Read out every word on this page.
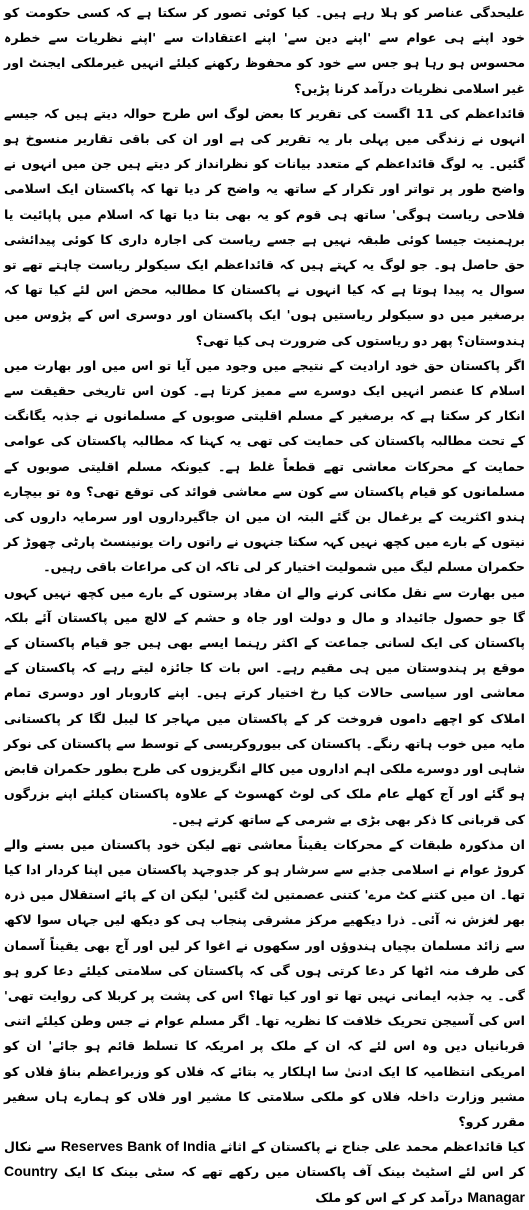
علیحدگی عناصر کو ہلا رہے ہیں۔ کیا کوئی تصور کر سکتا ہے کہ کسی حکومت کو خود اپنے ہی عوام سے 'اپنے دین سے' اپنے اعتقادات سے 'اپنے نظریات سے خطرہ محسوس ہو رہا ہو جس سے خود کو محفوظ رکھنے کیلئے انہیں غیرملکی ایجنٹ اور غیر اسلامی نظریات درآمد کرنا پڑیں؟

قائداعظم کی 11 اگست کی تقریر کا بعض لوگ اس طرح حوالہ دیتے ہیں کہ جیسے انہوں نے زندگی میں پہلی بار یہ تقریر کی ہے اور ان کی باقی تقاریر منسوخ ہو گئیں۔ یہ لوگ قائداعظم کے متعدد بیانات کو نظرانداز کر دیتے ہیں جن میں انہوں نے واضح طور پر تواتر اور تکرار کے ساتھ یہ واضح کر دیا تھا کہ پاکستان ایک اسلامی فلاحی ریاست ہوگی' ساتھ ہی قوم کو یہ بھی بتا دیا تھا کہ اسلام میں پاپائیت یا برہمنیت جیسا کوئی طبقہ نہیں ہے جسے ریاست کی اجارہ داری کا کوئی پیدائشی حق حاصل ہو۔ جو لوگ یہ کہتے ہیں کہ قائداعظم ایک سیکولر ریاست چاہتے تھے تو سوال یہ پیدا ہوتا ہے کہ کیا انہوں نے پاکستان کا مطالبہ محض اس لئے کیا تھا کہ برصغیر میں دو سیکولر ریاستیں ہوں' ایک پاکستان اور دوسری اس کے پڑوس میں ہندوستان؟ پھر دو ریاستوں کی ضرورت ہی کیا تھی؟

اگر پاکستان حق خود ارادیت کے نتیجے میں وجود میں آیا تو اس میں اور بھارت میں اسلام کا عنصر انہیں ایک دوسرے سے ممیز کرتا ہے۔ کون اس تاریخی حقیقت سے انکار کر سکتا ہے کہ برصغیر کے مسلم اقلیتی صوبوں کے مسلمانوں نے جذبہ یگانگت کے تحت مطالبہ پاکستان کی حمایت کی تھی یہ کہنا کہ مطالبہ پاکستان کی عوامی حمایت کے محرکات معاشی تھے قطعاً غلط ہے۔ کیونکہ مسلم اقلیتی صوبوں کے مسلمانوں کو قیام پاکستان سے کون سے معاشی فوائد کی توقع تھی؟ وہ تو بیچارے ہندو اکثریت کے یرغمال بن گئے البتہ ان میں ان جاگیرداروں اور سرمایہ داروں کی نیتوں کے بارے میں کچھ نہیں کہہ سکتا جنہوں نے راتوں رات یونینسٹ پارٹی چھوڑ کر حکمران مسلم لیگ میں شمولیت اختیار کر لی تاکہ ان کی مراعات باقی رہیں۔

میں بھارت سے نقل مکانی کرنے والے ان مفاد پرستوں کے بارے میں کچھ نہیں کہوں گا جو حصول جائیداد و مال و دولت اور جاہ و حشم کے لالچ میں پاکستان آئے بلکہ پاکستان کی ایک لسانی جماعت کے اکثر رہنما ایسے بھی ہیں جو قیام پاکستان کے موقع پر ہندوستان میں ہی مقیم رہے۔ اس بات کا جائزہ لیتے رہے کہ پاکستان کے معاشی اور سیاسی حالات کیا رخ اختیار کرتے ہیں۔ اپنے کاروبار اور دوسری تمام املاک کو اچھے داموں فروخت کر کے پاکستان میں مہاجر کا لیبل لگا کر پاکستانی مایہ میں خوب ہاتھ رنگے۔ پاکستان کی بیوروکریسی کے توسط سے پاکستان کی نوکر شاہی اور دوسرے ملکی اہم اداروں میں کالے انگریزوں کی طرح بطور حکمران قابض ہو گئے اور آج کھلے عام ملک کی لوٹ کھسوٹ کے علاوہ پاکستان کیلئے اپنے بزرگوں کی قربانی کا ذکر بھی بڑی بے شرمی کے ساتھ کرتے ہیں۔

ان مذکورہ طبقات کے محرکات یقیناً معاشی تھے لیکن خود پاکستان میں بسنے والے کروڑ عوام نے اسلامی جذبے سے سرشار ہو کر جدوجہد پاکستان میں اپنا کردار ادا کیا تھا۔ ان میں کتنے کٹ مرے' کتنی عصمتیں لٹ گئیں' لیکن ان کے پائے استقلال میں ذرہ بھر لغزش نہ آئی۔ ذرا دیکھیے مرکز مشرقی پنجاب ہی کو دیکھ لیں جہاں سوا لاکھ سے زائد مسلمان بچیاں ہندوؤں اور سکھوں نے اغوا کر لیں اور آج بھی یقیناً آسمان کی طرف منہ اٹھا کر دعا کرتی ہوں گی کہ پاکستان کی سلامتی کیلئے دعا کرو ہو گی۔ یہ جذبہ ایمانی نہیں تھا تو اور کیا تھا؟ اس کی پشت پر کربلا کی روایت تھی' اس کی آسیجن تحریک خلافت کا نظریہ تھا۔ اگر مسلم عوام نے جس وطن کیلئے اتنی قربانیاں دیں وہ اس لئے کہ ان کے ملک پر امریکہ کا تسلط قائم ہو جائے' ان کو امریکی انتظامیہ کا ایک ادنیٰ سا اہلکار یہ بتائے کہ فلاں کو وزیراعظم بناؤ فلاں کو مشیر وزارت داخلہ فلاں کو ملکی سلامتی کا مشیر اور فلاں کو ہمارے ہاں سفیر مقرر کرو؟

کیا قائداعظم محمد علی جناح نے پاکستان کے اثاثے Reserves Bank of India سے نکال کر اس لئے اسٹیٹ بینک آف پاکستان میں رکھے تھے کہ سٹی بینک کا ایک Country Managar درآمد کر کے اس کو ملک
